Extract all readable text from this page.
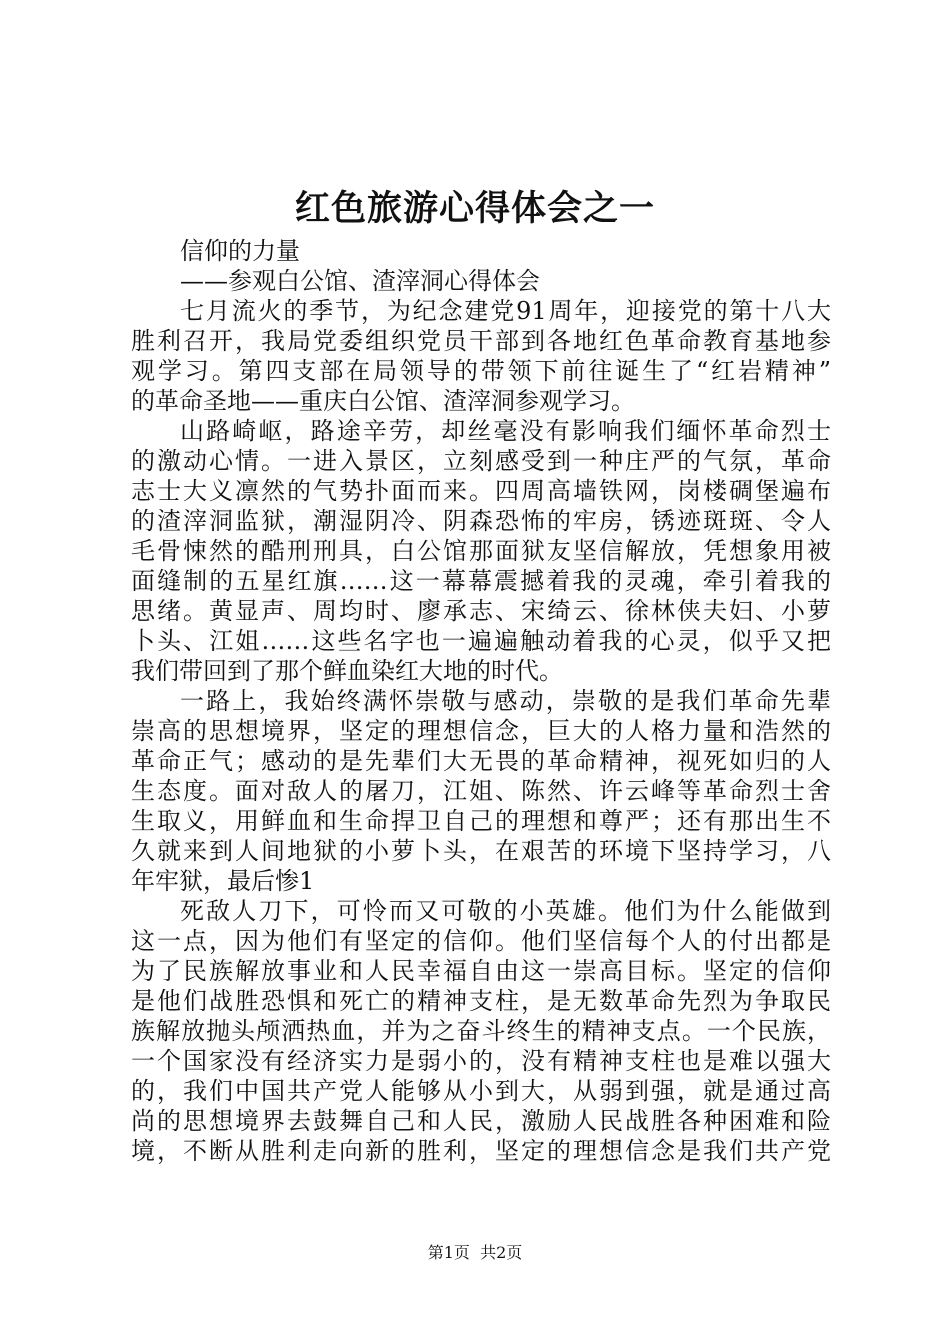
红色旅游心得体会之一
信仰的力量
——参观白公馆、渣滓洞心得体会
七月流火的季节，为纪念建党91周年，迎接党的第十八大
胜利召开，我局党委组织党员干部到各地红色革命教育基地参
观学习。第四支部在局领导的带领下前往诞生了“红岩精神”
的革命圣地——重庆白公馆、渣滓洞参观学习。
山路崎岖，路途辛劳，却丝毫没有影响我们缅怀革命烈士
的激动心情。一进入景区，立刻感受到一种庄严的气氛，革命
志士大义凛然的气势扑面而来。四周高墙铁网，岗楼碉堡遍布
的渣滓洞监狱，潮湿阴冷、阴森恐怖的牢房，锈迹斑斑、令人
毛骨悚然的酷刑刑具，白公馆那面狱友坚信解放，凭想象用被
面缝制的五星红旗……这一幕幕震撼着我的灵魂，牵引着我的
思绪。黄显声、周均时、廖承志、宋绮云、徐林侠夫妇、小萝
卜头、江姐……这些名字也一遍遍触动着我的心灵，似乎又把
我们带回到了那个鲜血染红大地的时代。
一路上，我始终满怀崇敬与感动，崇敬的是我们革命先辈
崇高的思想境界，坚定的理想信念，巨大的人格力量和浩然的
革命正气；感动的是先辈们大无畏的革命精神，视死如归的人
生态度。面对敌人的屠刀，江姐、陈然、许云峰等革命烈士舍
生取义，用鲜血和生命捍卫自己的理想和尊严；还有那出生不
久就来到人间地狱的小萝卜头，在艰苦的环境下坚持学习，八
年牢狱，最后惨1
死敌人刀下，可怜而又可敬的小英雄。他们为什么能做到
这一点，因为他们有坚定的信仰。他们坚信每个人的付出都是
为了民族解放事业和人民幸福自由这一崇高目标。坚定的信仰
是他们战胜恐惧和死亡的精神支柱，是无数革命先烈为争取民
族解放抛头颅洒热血，并为之奋斗终生的精神支点。一个民族，
一个国家没有经济实力是弱小的，没有精神支柱也是难以强大
的，我们中国共产党人能够从小到大，从弱到强，就是通过高
尚的思想境界去鼓舞自己和人民，激励人民战胜各种困难和险
境，不断从胜利走向新的胜利，坚定的理想信念是我们共产党
第1页  共2页
